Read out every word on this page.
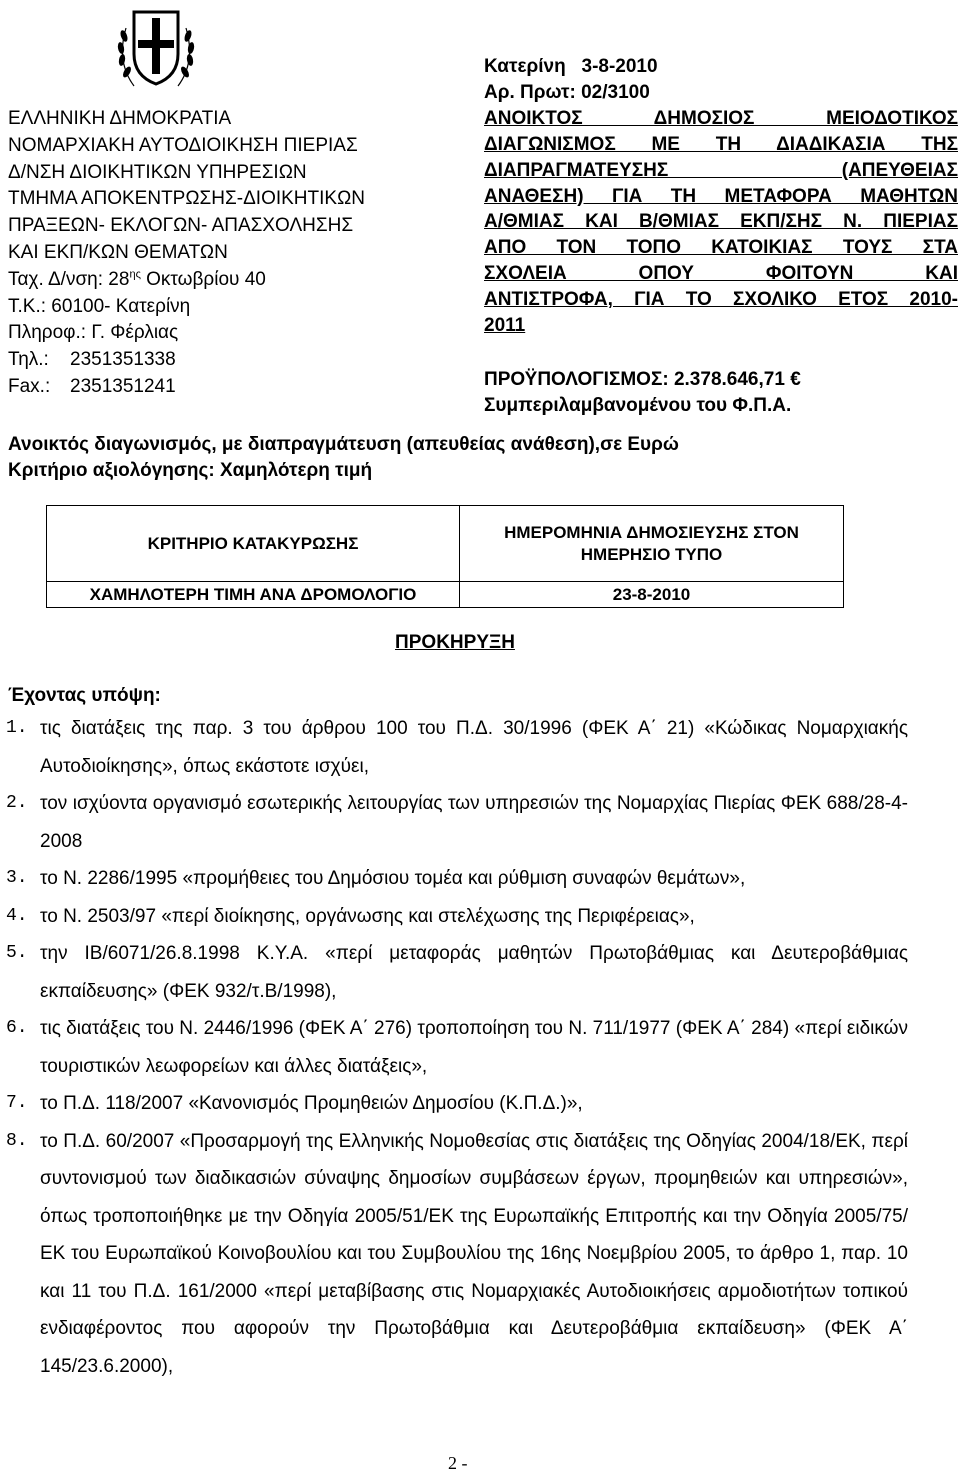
ΕΛΛΗΝΙΚΗ ΔΗΜΟΚΡΑΤΙΑ
ΝΟΜΑΡΧΙΑΚΗ ΑΥΤΟΔΙΟΙΚΗΣΗ ΠΙΕΡΙΑΣ
Δ/ΝΣΗ ΔΙΟΙΚΗΤΙΚΩΝ ΥΠΗΡΕΣΙΩΝ
ΤΜΗΜΑ ΑΠΟΚΕΝΤΡΩΣΗΣ-ΔΙΟΙΚΗΤΙΚΩΝ
ΠΡΑΞΕΩΝ- ΕΚΛΟΓΩΝ- ΑΠΑΣΧΟΛΗΣΗΣ
ΚΑΙ ΕΚΠ/ΚΩΝ ΘΕΜΑΤΩΝ
Ταχ. Δ/νση: $28^{\eta\varsigma}$ Οκτωβρίου 40
Τ.Κ.: 60100- Κατερίνη
Πληροφ.: Γ. Φέρλιας
Τηλ.:	2351351338
Fax.:	2351351241
Κατερίνη   3-8-2010
Αρ. Πρωτ: 02/3100
ΑΝΟΙΚΤΟΣ ΔΗΜΟΣΙΟΣ ΜΕΙΟΔΟΤΙΚΟΣ
ΔΙΑΓΩΝΙΣΜΟΣ ΜΕ ΤΗ ΔΙΑΔΙΚΑΣΙΑ ΤΗΣ
ΔΙΑΠΡΑΓΜΑΤΕΥΣΗΣ (ΑΠΕΥΘΕΙΑΣ
ΑΝΑΘΕΣΗ) ΓΙΑ ΤΗ ΜΕΤΑΦΟΡΑ ΜΑΘΗΤΩΝ
Α/ΘΜΙΑΣ ΚΑΙ Β/ΘΜΙΑΣ ΕΚΠ/ΣΗΣ Ν. ΠΙΕΡΙΑΣ
ΑΠΟ ΤΟΝ ΤΟΠΟ ΚΑΤΟΙΚΙΑΣ ΤΟΥΣ ΣΤΑ
ΣΧΟΛΕΙΑ ΟΠΟΥ ΦΟΙΤΟΥΝ ΚΑΙ
ΑΝΤΙΣΤΡΟΦΑ, ΓΙΑ ΤΟ ΣΧΟΛΙΚΟ ΕΤΟΣ 2010-
2011
ΠΡΟΫΠΟΛΟΓΙΣΜΟΣ: 2.378.646,71 €
Συμπεριλαμβανομένου του Φ.Π.Α.
Ανοικτός διαγωνισμός, με διαπραγμάτευση (απευθείας ανάθεση),σε Ευρώ
Κριτήριο αξιολόγησης: Χαμηλότερη τιμή
ΚΡΙΤΗΡΙΟ ΚΑΤΑΚΥΡΩΣΗΣ	ΗΜΕΡΟΜΗΝΙΑ ΔΗΜΟΣΙΕΥΣΗΣ ΣΤΟΝ
ΗΜΕΡΗΣΙΟ ΤΥΠΟ

ΧΑΜΗΛΟΤΕΡΗ ΤΙΜΗ ΑΝΑ ΔΡΟΜΟΛΟΓΙΟ	23-8-2010
ΠΡΟΚΗΡΥΞΗ
Έχοντας υπόψη:
1. τις διατάξεις της παρ. 3 του άρθρου 100 του Π.Δ. 30/1996 (ΦΕΚ Α΄ 21) «Κώδικας Νομαρχιακής Αυτοδιοίκησης», όπως εκάστοτε ισχύει,
2. τον ισχύοντα οργανισμό εσωτερικής λειτουργίας των υπηρεσιών της Νομαρχίας Πιερίας ΦΕΚ 688/28-4-2008
3. το Ν. 2286/1995 «προμήθειες του Δημόσιου τομέα και ρύθμιση συναφών θεμάτων»,
4. το Ν. 2503/97 «περί διοίκησης, οργάνωσης και στελέχωσης της Περιφέρειας»,
5. την ΙΒ/6071/26.8.1998 Κ.Υ.Α. «περί μεταφοράς μαθητών Πρωτοβάθμιας και Δευτεροβάθμιας εκπαίδευσης» (ΦΕΚ 932/τ.Β/1998),
6. τις διατάξεις του Ν. 2446/1996 (ΦΕΚ Α΄ 276) τροποποίηση του Ν. 711/1977 (ΦΕΚ Α΄ 284) «περί ειδικών τουριστικών λεωφορείων και άλλες διατάξεις»,
7. το Π.Δ. 118/2007 «Κανονισμός Προμηθειών Δημοσίου (Κ.Π.Δ.)»,
8. το Π.Δ. 60/2007 «Προσαρμογή της Ελληνικής Νομοθεσίας στις διατάξεις της Οδηγίας 2004/18/ΕΚ, περί συντονισμού των διαδικασιών σύναψης δημοσίων συμβάσεων έργων, προμηθειών και υπηρεσιών», όπως τροποποιήθηκε με την Οδηγία 2005/51/ΕΚ της Ευρωπαϊκής Επιτροπής και την Οδηγία 2005/75/ΕΚ του Ευρωπαϊκού Κοινοβουλίου και του Συμβουλίου της 16ης Νοεμβρίου 2005, το άρθρο 1, παρ. 10 και 11 του Π.Δ. 161/2000 «περί μεταβίβασης στις Νομαρχιακές Αυτοδιοικήσεις αρμοδιοτήτων τοπικού ενδιαφέροντος που αφορούν την Πρωτοβάθμια και Δευτεροβάθμια εκπαίδευση» (ΦΕΚ Α΄ 145/23.6.2000),
2 -
